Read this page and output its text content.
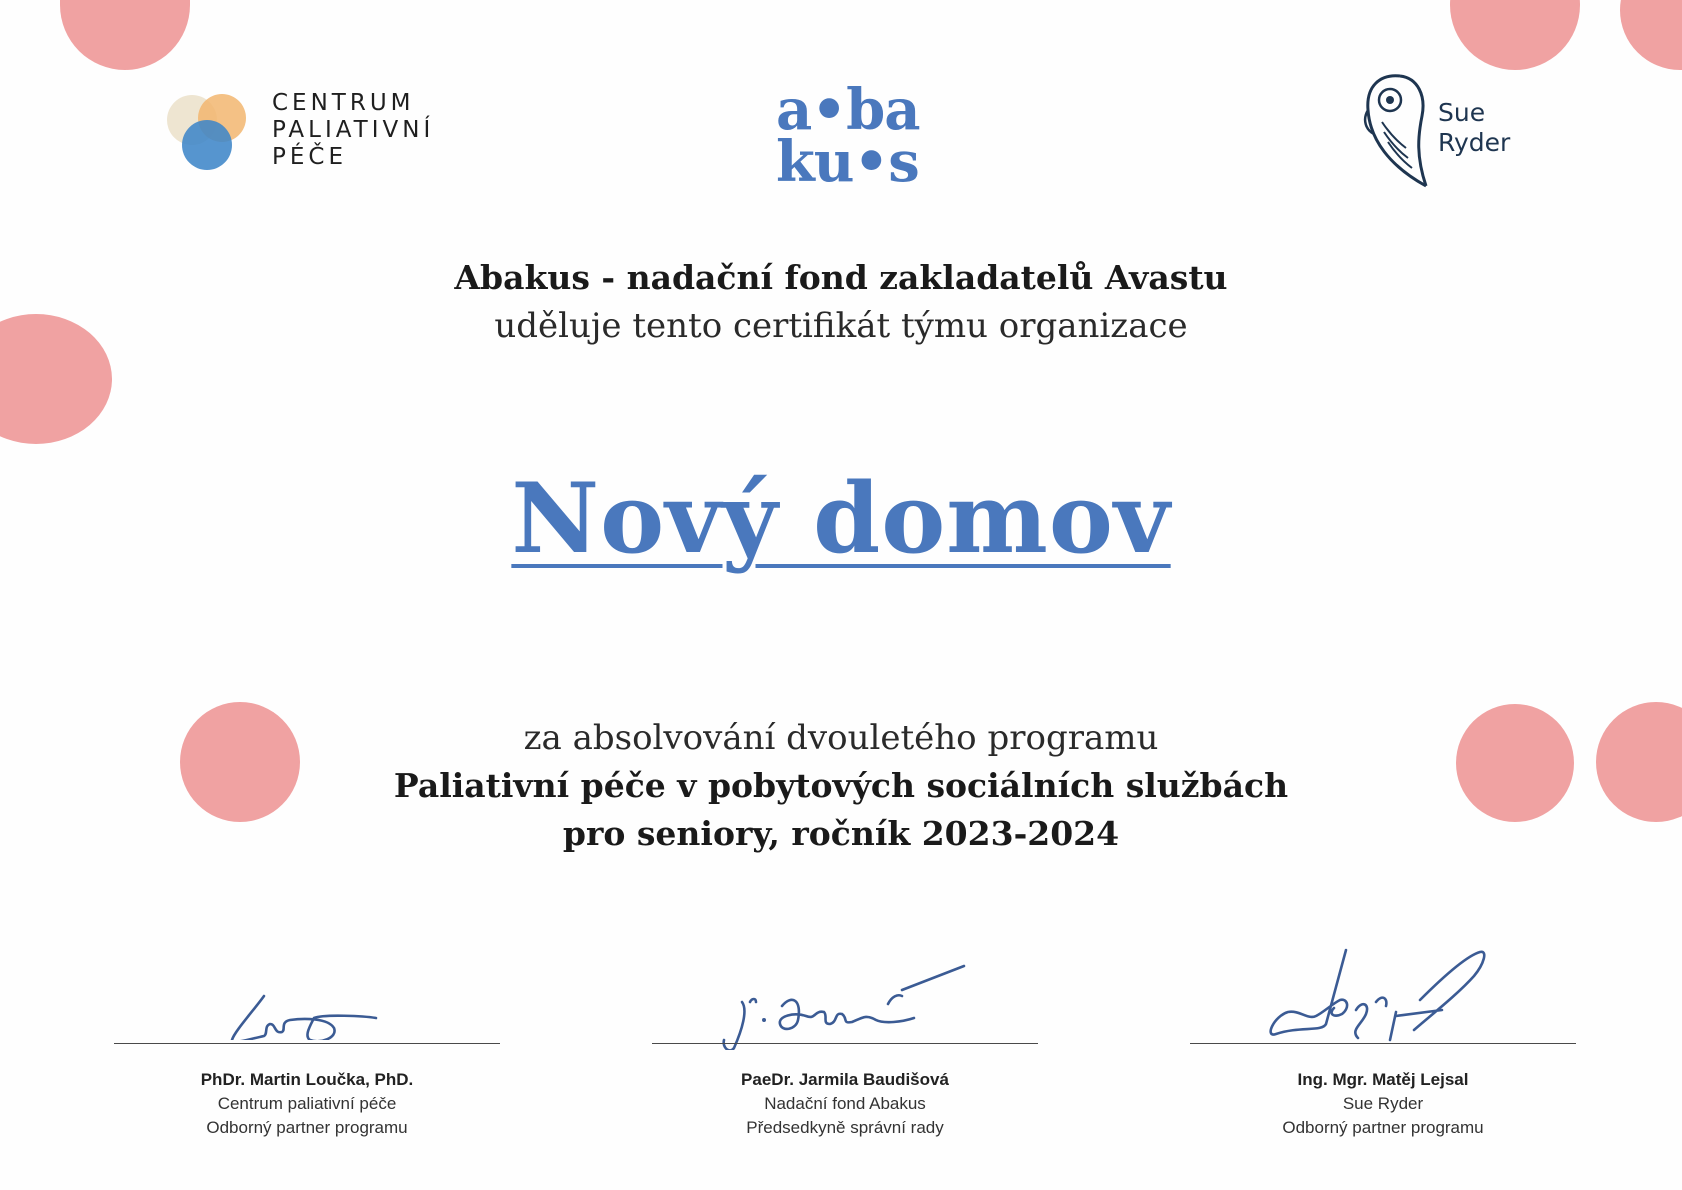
CENTRUM
PALIATIVNÍ
PÉČE
a•ba
ku•s
Sue
Ryder
Abakus - nadační fond zakladatelů Avastu
uděluje tento certifikát týmu organizace
Nový domov
za absolvování dvouletého programu
Paliativní péče v pobytových sociálních službách
pro seniory, ročník 2023-2024
PhDr. Martin Loučka, PhD.
Centrum paliativní péče
Odborný partner programu
PaeDr. Jarmila Baudišová
Nadační fond Abakus
Předsedkyně správní rady
Ing. Mgr. Matěj Lejsal
Sue Ryder
Odborný partner programu
